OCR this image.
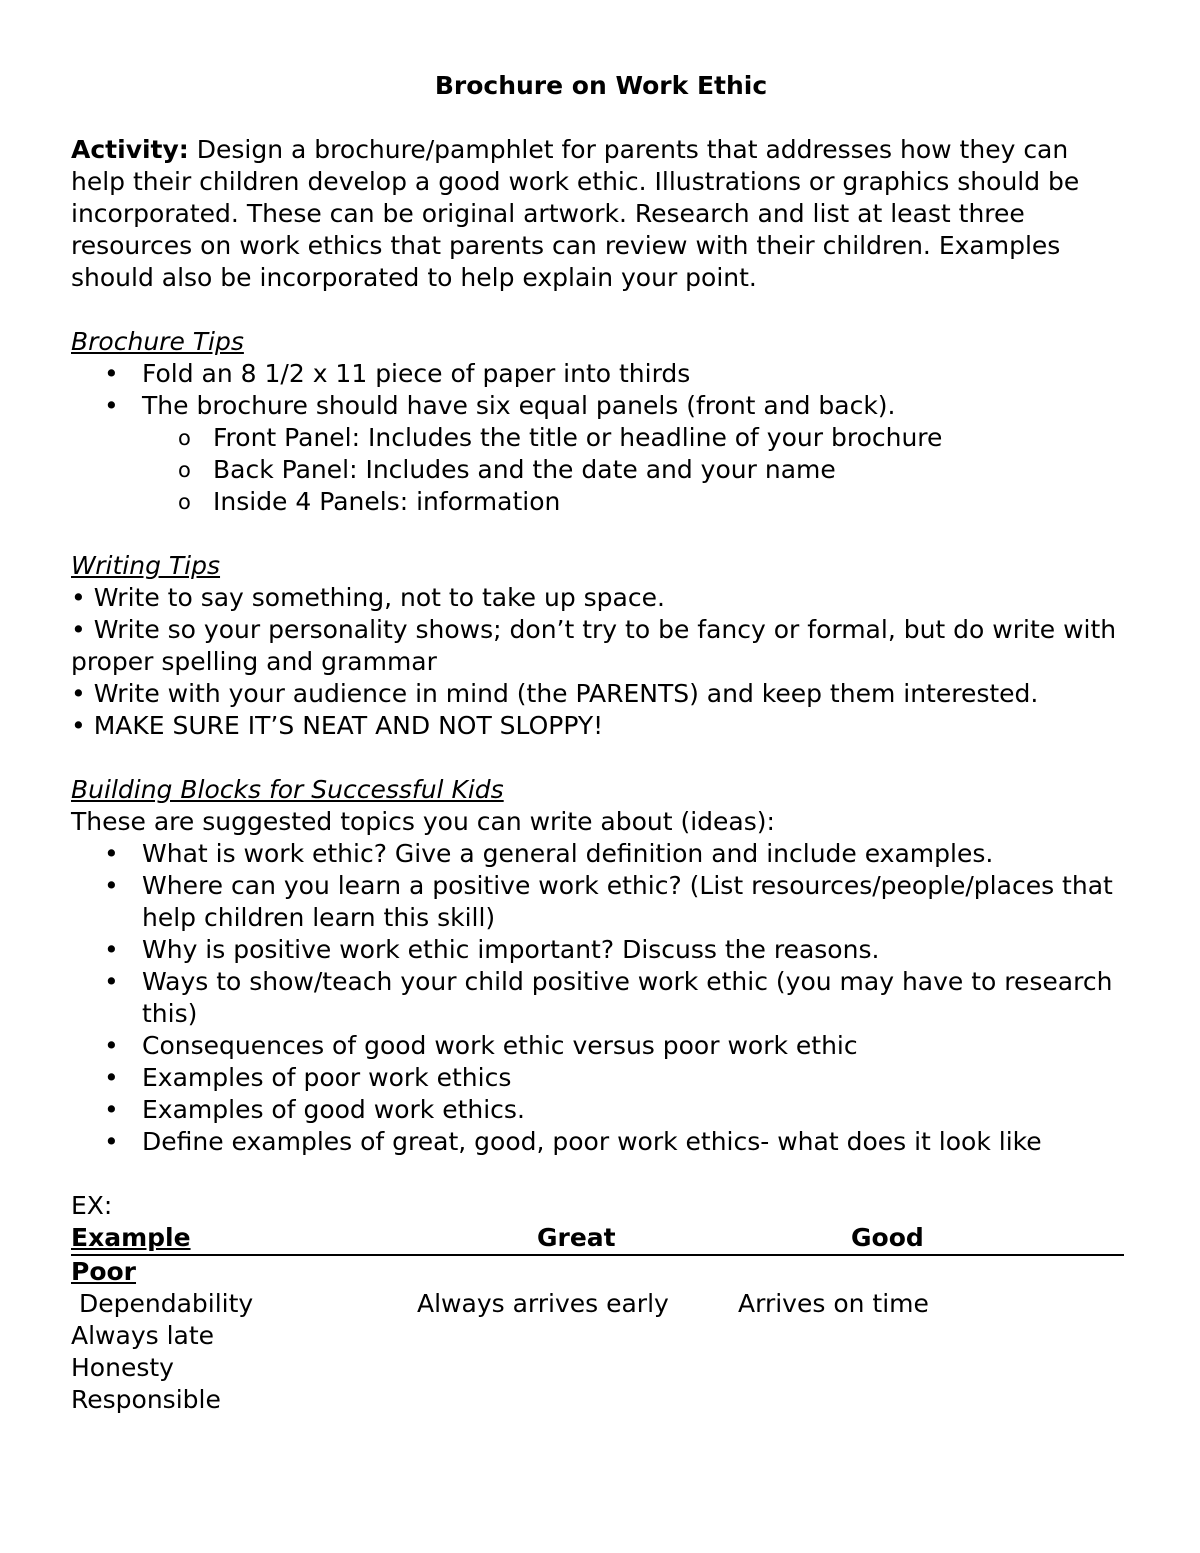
Brochure on Work Ethic

Activity: Design a brochure/pamphlet for parents that addresses how they can help their children develop a good work ethic. Illustrations or graphics should be incorporated. These can be original artwork. Research and list at least three resources on work ethics that parents can review with their children. Examples should also be incorporated to help explain your point.

Brochure Tips

• Fold an 8 1/2 x 11 piece of paper into thirds
• The brochure should have six equal panels (front and back).
o Front Panel: Includes the title or headline of your brochure
o Back Panel: Includes and the date and your name
o Inside 4 Panels: information

Writing Tips

• Write to say something, not to take up space.

• Write so your personality shows; don’t try to be fancy or formal, but do write with proper spelling and grammar

• Write with your audience in mind (the PARENTS) and keep them interested.

• MAKE SURE IT’S NEAT AND NOT SLOPPY!

Building Blocks for Successful Kids

These are suggested topics you can write about (ideas):

• What is work ethic? Give a general definition and include examples.
• Where can you learn a positive work ethic? (List resources/people/places that help children learn this skill)
• Why is positive work ethic important? Discuss the reasons.
• Ways to show/teach your child positive work ethic (you may have to research this)
• Consequences of good work ethic versus poor work ethic
• Examples of poor work ethics
• Examples of good work ethics.
• Define examples of great, good, poor work ethics- what does it look like

EX:

Example	Great	Good
Poor
Dependability	Always arrives early	Arrives on time
Always late
Honesty
Responsible
